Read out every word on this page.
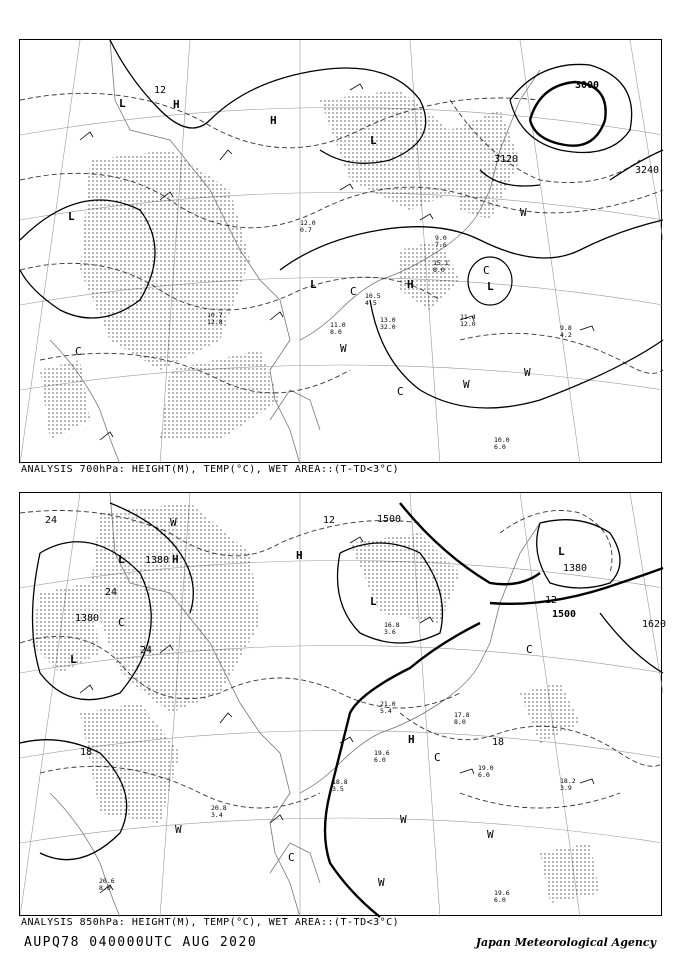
3000
3120
3240
12
L	H
L
H
L
L	H	L
C
C
C
C
W
W
W
W
10.0 6.0
9.8 4.2
11.4 12.0
13.0 32.0
10.5 4.5
11.0 8.0
12.0 0.7
9.0 7.6
10.7 12.8
15.1 8.0
ANALYSIS 700hPa: HEIGHT(M), TEMP(°C), WET AREA::(T-TD<3°C)
1380
1380
1500
1500
1620
1380
24
24
24
12
12
18
18
L	H
L
H
L
L
H
C
C
C
C
W
W
W
W
W
19.6 6.0
18.2 3.9
19.0 6.0
20.8 3.4
18.8 3.5
20.6 8.0
17.8 8.0
19.6 6.0
21.0 5.4
16.8 3.6
ANALYSIS 850hPa: HEIGHT(M), TEMP(°C), WET AREA::(T-TD<3°C)
AUPQ78 040000UTC AUG 2020	Japan Meteorological Agency
